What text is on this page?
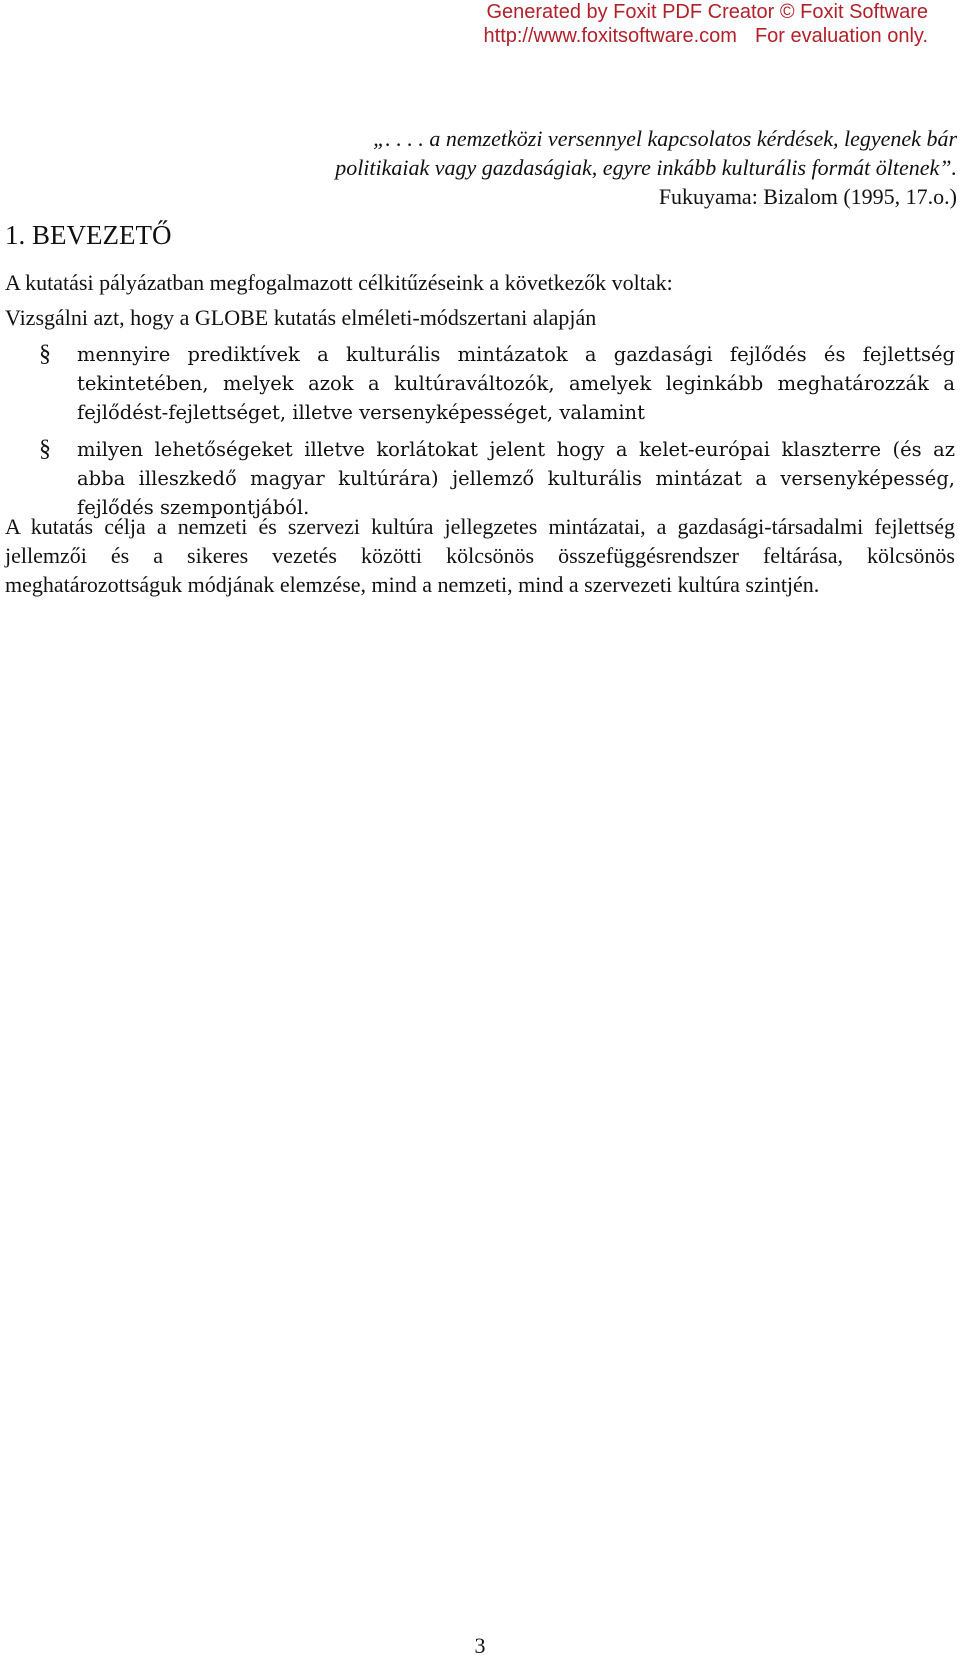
Generated by Foxit PDF Creator © Foxit Software
http://www.foxitsoftware.com For evaluation only.
„. . . . a nemzetközi versennyel kapcsolatos kérdések, legyenek bár
politikaiak vagy gazdaságiak, egyre inkább kulturális formát öltenek”.
Fukuyama: Bizalom (1995, 17.o.)
1. BEVEZETŐ

A kutatási pályázatban megfogalmazott célkitűzéseink a következők voltak:

Vizsgálni azt, hogy a GLOBE kutatás elméleti-módszertani alapján

§ mennyire prediktívek a kulturális mintázatok a gazdasági fejlődés és fejlettség tekintetében, melyek azok a kultúraváltozók, amelyek leginkább meghatározzák a fejlődést-fejlettséget, illetve versenyképességet, valamint
§ milyen lehetőségeket illetve korlátokat jelent hogy a kelet-európai klaszterre (és az abba illeszkedő magyar kultúrára) jellemző kulturális mintázat a versenyképesség, fejlődés szempontjából.

A kutatás célja a nemzeti és szervezi kultúra jellegzetes mintázatai, a gazdasági-társadalmi fejlettség jellemzői és a sikeres vezetés közötti kölcsönös összefüggésrendszer feltárása, kölcsönös meghatározottságuk módjának elemzése, mind a nemzeti, mind a szervezeti kultúra szintjén.

3
